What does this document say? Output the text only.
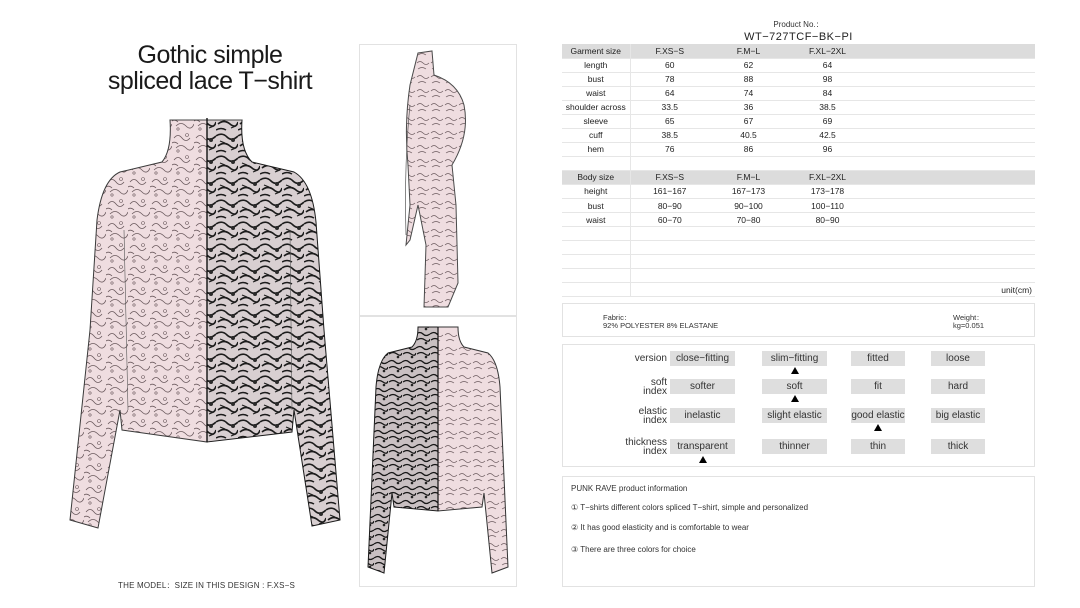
Gothic simple
spliced lace T−shirt
THE MODEL：SIZE IN THIS DESIGN : F.XS−S
Product No.：
WT−727TCF−BK−PI
Garment size	F.XS−S	F.M−L	F.XL−2XL	
length	60	62	64	
bust	78	88	98	
waist	64	74	84	
shoulder across	33.5	36	38.5	
sleeve	65	67	69	
cuff	38.5	40.5	42.5	
hem	76	86	96	

Body size	F.XS−S	F.M−L	F.XL−2XL	
height	161−167	167−173	173−178	
bust	80−90	90−100	100−110	
waist	60−70	70−80	80−90	

				unit(cm)
Fabric：
92% POLYESTER 8% ELASTANE
Weight：
kg=0.051
version close−fitting	slim−fitting	fitted	loose
soft
index	softer	soft	fit	hard
elastic
index	inelastic	slight elastic	good elastic	big elastic
thickness
index	transparent	thinner	thin	thick
PUNK RAVE product information
① T−shirts different colors spliced T−shirt, simple and personalized
② It has good elasticity and is comfortable to wear
③ There are three colors for choice
